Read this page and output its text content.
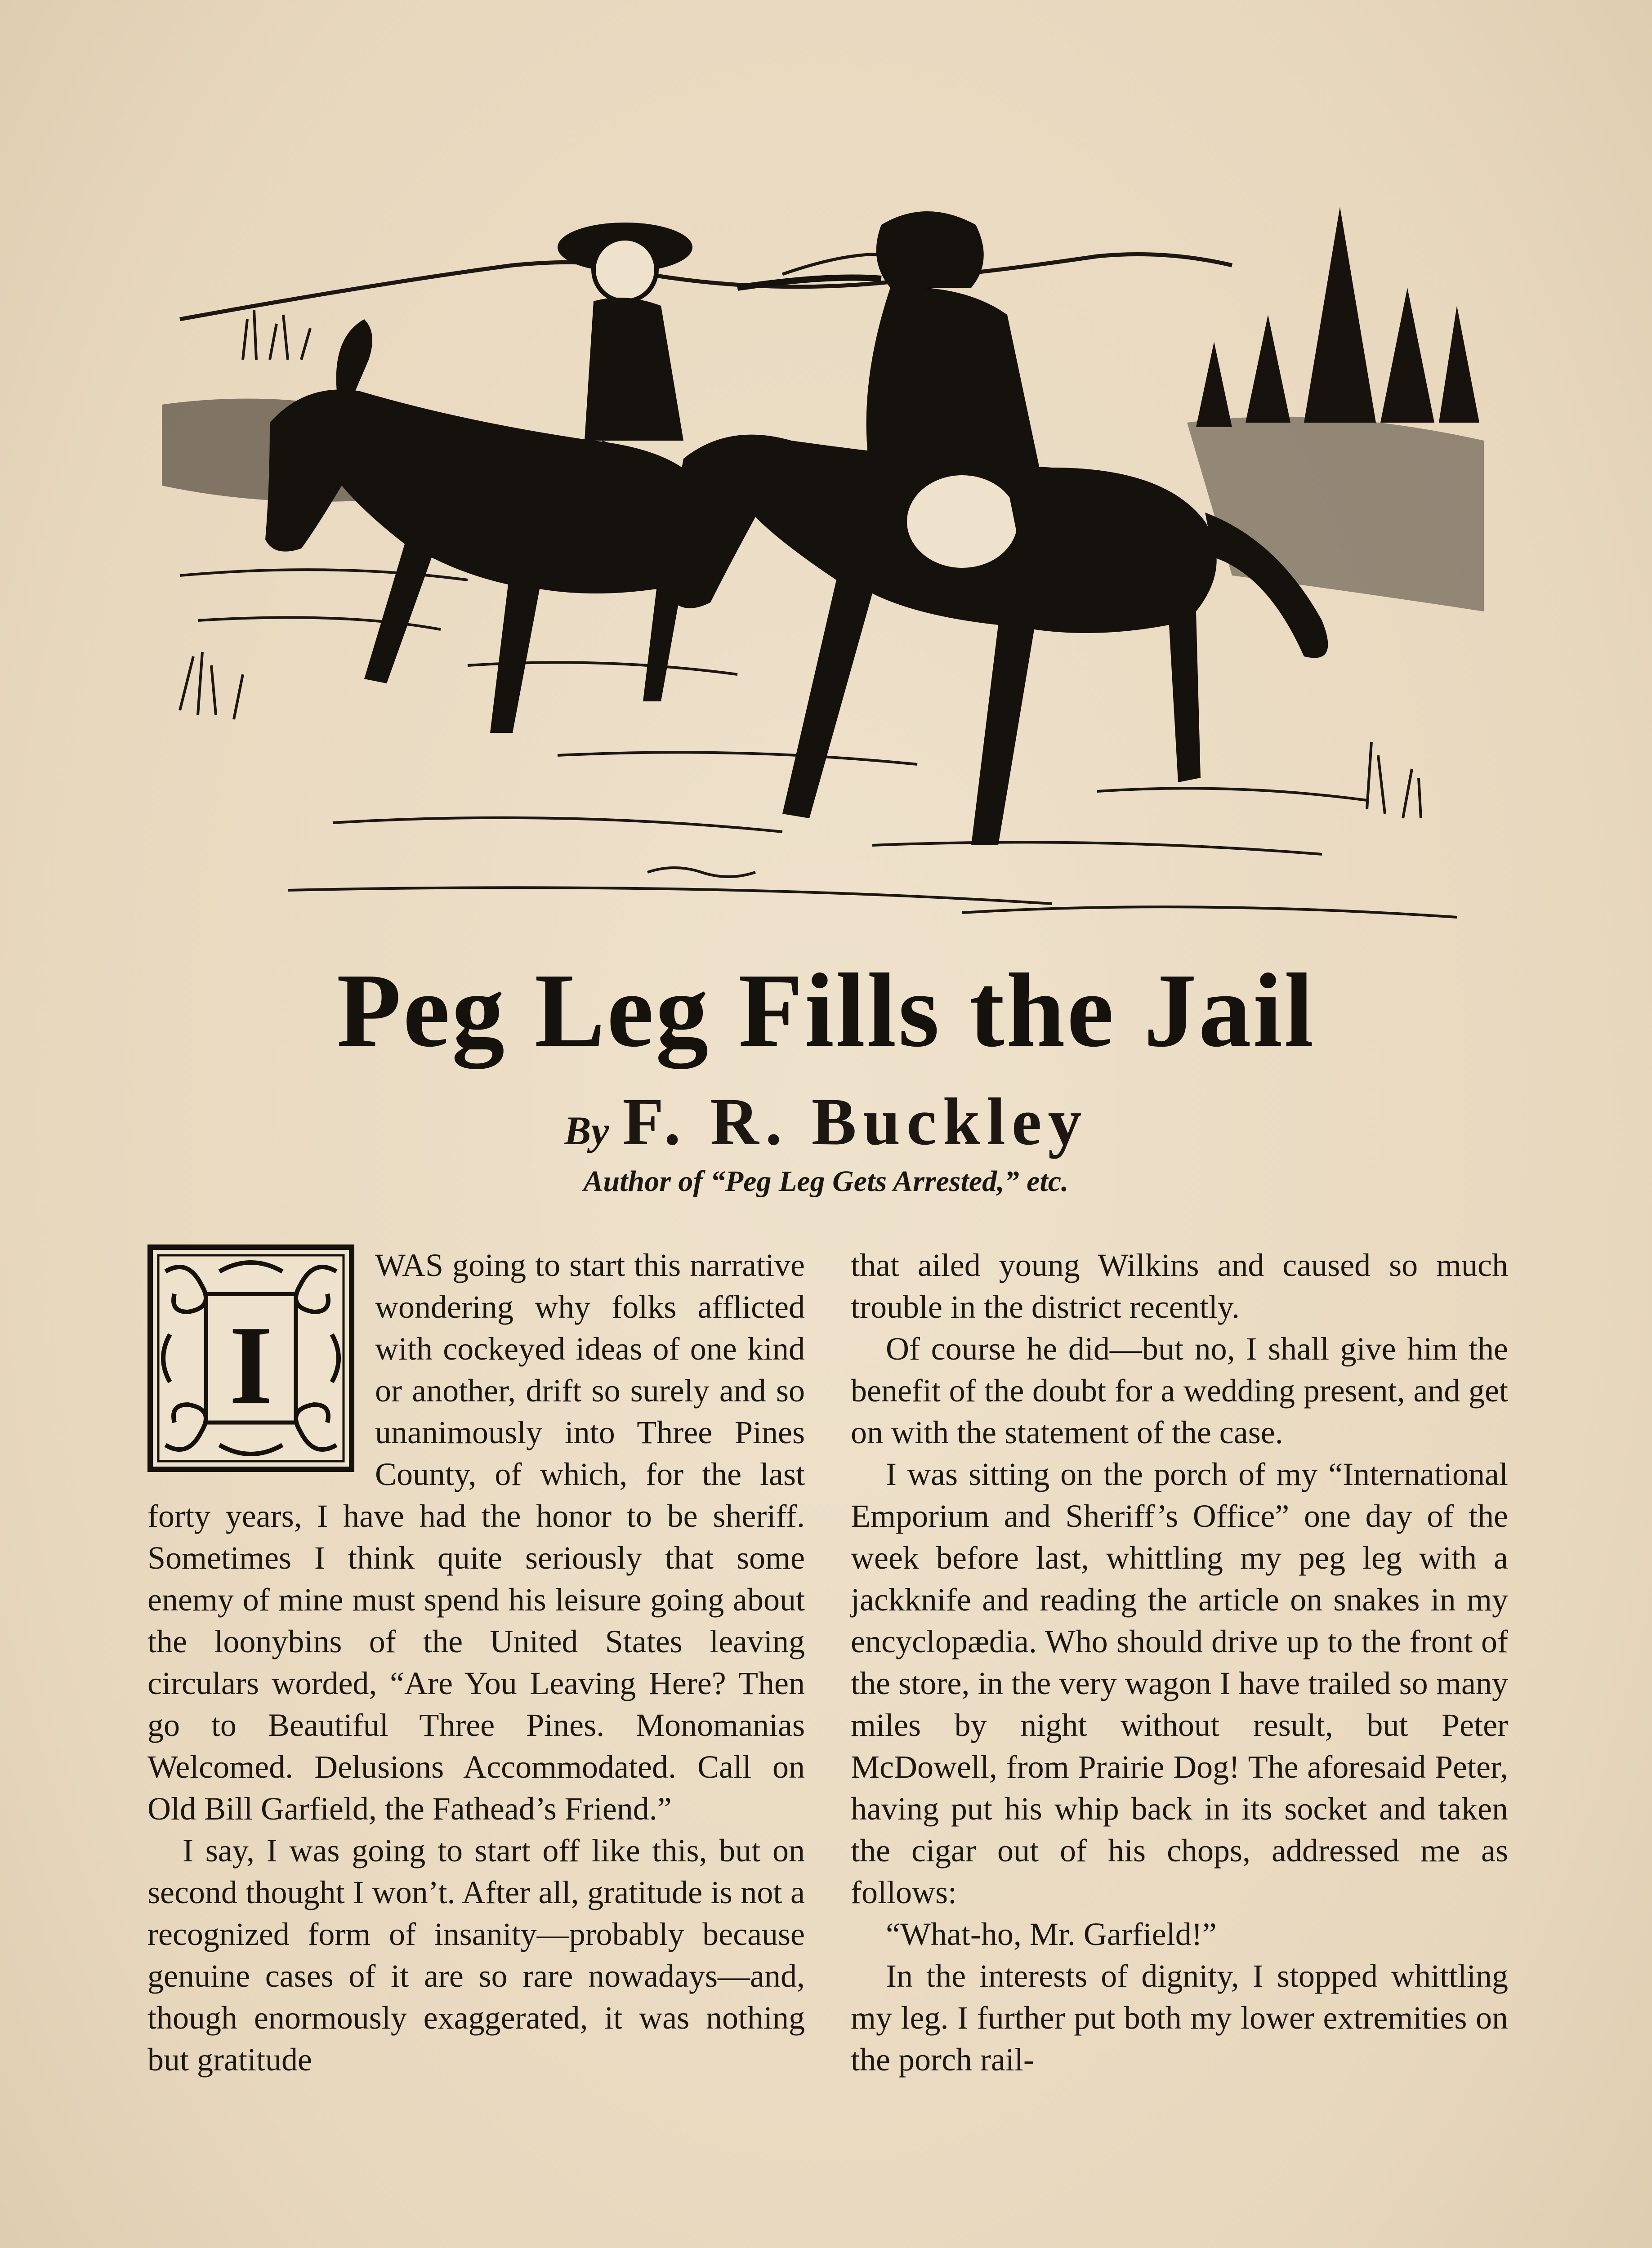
Peg Leg Fills the Jail
By F. R. Buckley
Author of “Peg Leg Gets Arrested,” etc.
I

WAS going to start this narrative wondering why folks afflicted with cockeyed ideas of one kind or another, drift so surely and so unanimously into Three Pines County, of which, for the last forty years, I have had the honor to be sheriff. Sometimes I think quite seriously that some enemy of mine must spend his leisure going about the loonybins of the United States leaving circulars worded, “Are You Leaving Here? Then go to Beautiful Three Pines. Monomanias Welcomed. Delusions Accommodated. Call on Old Bill Garfield, the Fathead’s Friend.”

I say, I was going to start off like this, but on second thought I won’t. After all, gratitude is not a recognized form of insanity—probably because genuine cases of it are so rare nowadays—and, though enormously exaggerated, it was nothing but gratitude

that ailed young Wilkins and caused so much trouble in the district recently.

Of course he did—but no, I shall give him the benefit of the doubt for a wedding present, and get on with the statement of the case.

I was sitting on the porch of my “International Emporium and Sheriff’s Office” one day of the week before last, whittling my peg leg with a jackknife and reading the article on snakes in my encyclopædia. Who should drive up to the front of the store, in the very wagon I have trailed so many miles by night without result, but Peter McDowell, from Prairie Dog! The aforesaid Peter, having put his whip back in its socket and taken the cigar out of his chops, addressed me as follows:

“What-ho, Mr. Garfield!”

In the interests of dignity, I stopped whittling my leg. I further put both my lower extremities on the porch rail-
